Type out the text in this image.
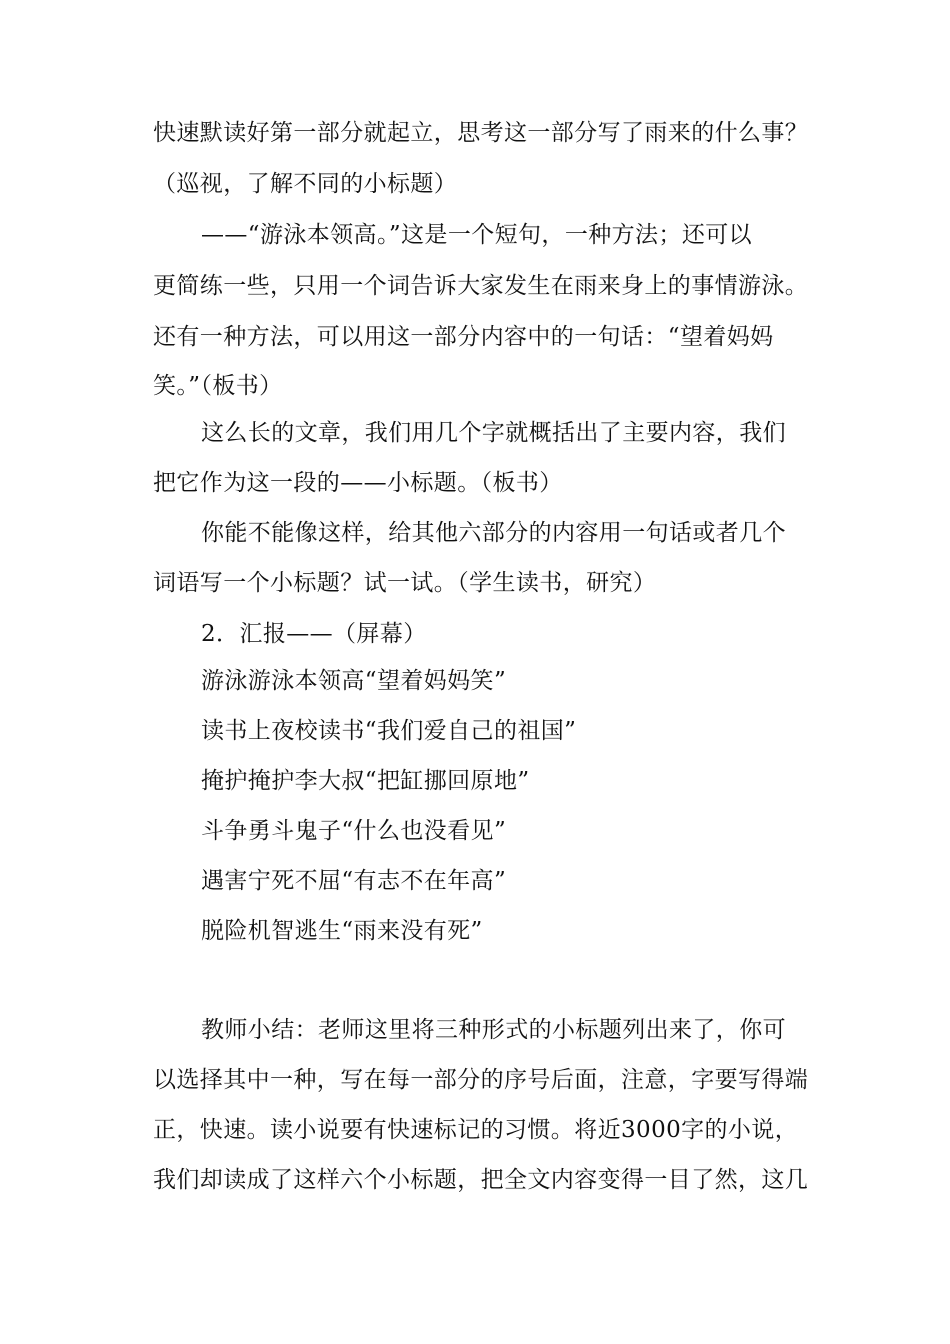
快速默读好第一部分就起立，思考这一部分写了雨来的什么事？
（巡视，了解不同的小标题）
——“游泳本领高。”这是一个短句，一种方法；还可以
更简练一些，只用一个词告诉大家发生在雨来身上的事情游泳。
还有一种方法，可以用这一部分内容中的一句话：“望着妈妈
笑。”（板书）
这么长的文章，我们用几个字就概括出了主要内容，我们
把它作为这一段的——小标题。（板书）
你能不能像这样，给其他六部分的内容用一句话或者几个
词语写一个小标题？试一试。（学生读书，研究）
2．汇报——（屏幕）
游泳游泳本领高“望着妈妈笑”
读书上夜校读书“我们爱自己的祖国”
掩护掩护李大叔“把缸挪回原地”
斗争勇斗鬼子“什么也没看见”
遇害宁死不屈“有志不在年高”
脱险机智逃生“雨来没有死”
教师小结：老师这里将三种形式的小标题列出来了，你可
以选择其中一种，写在每一部分的序号后面，注意，字要写得端
正，快速。读小说要有快速标记的习惯。将近3000字的小说，
我们却读成了这样六个小标题，把全文内容变得一目了然，这几
